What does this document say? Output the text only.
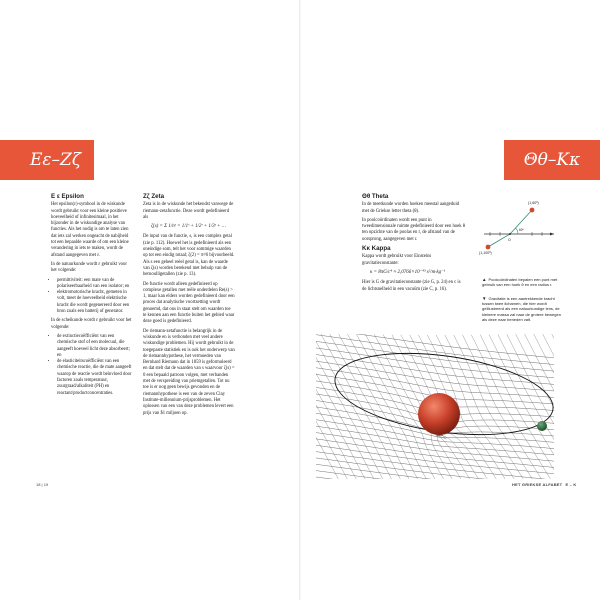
Εε–Ζζ	Θθ–Κκ
E ε Epsilon

Het epsilon(ε)-symbool in de wiskunde wordt gebruikt voor een kleine positieve hoeveelheid of infinitesimaal, in het bijzonder in de wiskundige analyse van functies. Als het nodig is om te laten zien dat iets zal werken ongeacht de nabijheid tot een bepaalde waarde of om een kleine verandering in iets te maken, wordt de afstand aangegeven met ε.

In de natuurkunde wordt ε gebruikt voor het volgende:

• permittiviteit: een mate van de polariseerbaarheid van een isolator; en
• elektromotorische kracht, gemeten in volt, meet de hoeveelheid elektrische kracht die wordt gegenereerd door een bron zoals een batterij of generator.

In de scheikunde wordt ε gebruikt voor het volgende:

• de extinctiecoëfficiënt van een chemische stof of een molecuul, die aangeeft hoeveel licht deze absorbeert; en
• de elasticiteitscoëfficiënt van een chemische reactie, die de mate aangeeft waarop de reactie wordt beïnvloed door factoren zoals temperatuur, zuurgraad/alkaliteit (PH) en reactant/productconcentraties.
Zζ Zeta

Zeta is in de wiskunde het bekendst vanwege de riemann-zetafunctie. Deze wordt gedefinieerd als

ζ(s) = Σ 1/nˢ = 1/1ˢ + 1/2ˢ + 1/3ˢ + …

De input van de functie, s, is een complex getal (zie p. 112). Hoewel het is gedefinieerd als een oneindige som, telt het voor sommige waarden op tot een eindig totaal; ζ(2) = π²/6 bijvoorbeeld. Als s een geheel reëel getal is, kan de waarde van ζ(s) worden berekend met behulp van de bernoulligetallen (zie p. 13).

De functie wordt alleen gedefinieerd op complexe getallen met reële onderdelen Re(s) > 1, maar kan elders worden gedefinieerd door een proces dat analytische voortzetting wordt genoemd, dat ons in staat stelt om waarden toe te kennen aan een functie buiten het gebied waar deze goed is gedefinieerd.

De riemann-zetafunctie is belangrijk in de wiskunde en is verbonden met veel andere wiskundige problemen. Hij wordt gebruikt in de toegepaste statistiek en is ook het onderwerp van de riemannhypothese, het vermoeden van Bernhard Riemann dat in 1859 is geformuleerd en dat stelt dat de waarden van s waarvoor ζ(s) = 0 een bepaald patroon volgen, met verbanden met de verspreiding van priemgetallen. Tot nu toe is er nog geen bewijs gevonden en de riemannhypothese is een van de zeven Clay Institute-millennium-prijsproblemen. Het oplossen van een van deze problemen levert een prijs van $1 miljoen op.

Θθ Theta

In de meetkunde worden hoeken meestal aangeduid met de Griekse letter theta (θ).

In poolcoördinaten wordt een punt in tweedimensionale ruimte gedefinieerd door een hoek θ ten opzichte van de poolas en r, de afstand van de oorsprong, aangegeven met r.

Kκ Kappa

Kappa wordt gebruikt voor Einsteins gravitatieconstante:

κ = 8πG/c⁴ ≈ 2,0766×10⁻⁴³ s²/m·kg⁻¹

Hier is G de gravitatieconstante (zie G, p. 24) en c is de lichtsnelheid in een vacuüm (zie C, p. 16).

(1,60º)
(1,100º)
60º
O
▲ Poolcoördinaten bepalen een punt met gebruik van een hoek θ en een radius r.
▼ Gravitatie is een aantrekkende kracht tussen twee lichamen, die hier wordt geïllustreerd als een natuurkundige lens, de kleinere massa zal naar de grotere bewegen als deze naar beneden valt.
18 | 19	HET GRIEKSE ALFABET E – K
